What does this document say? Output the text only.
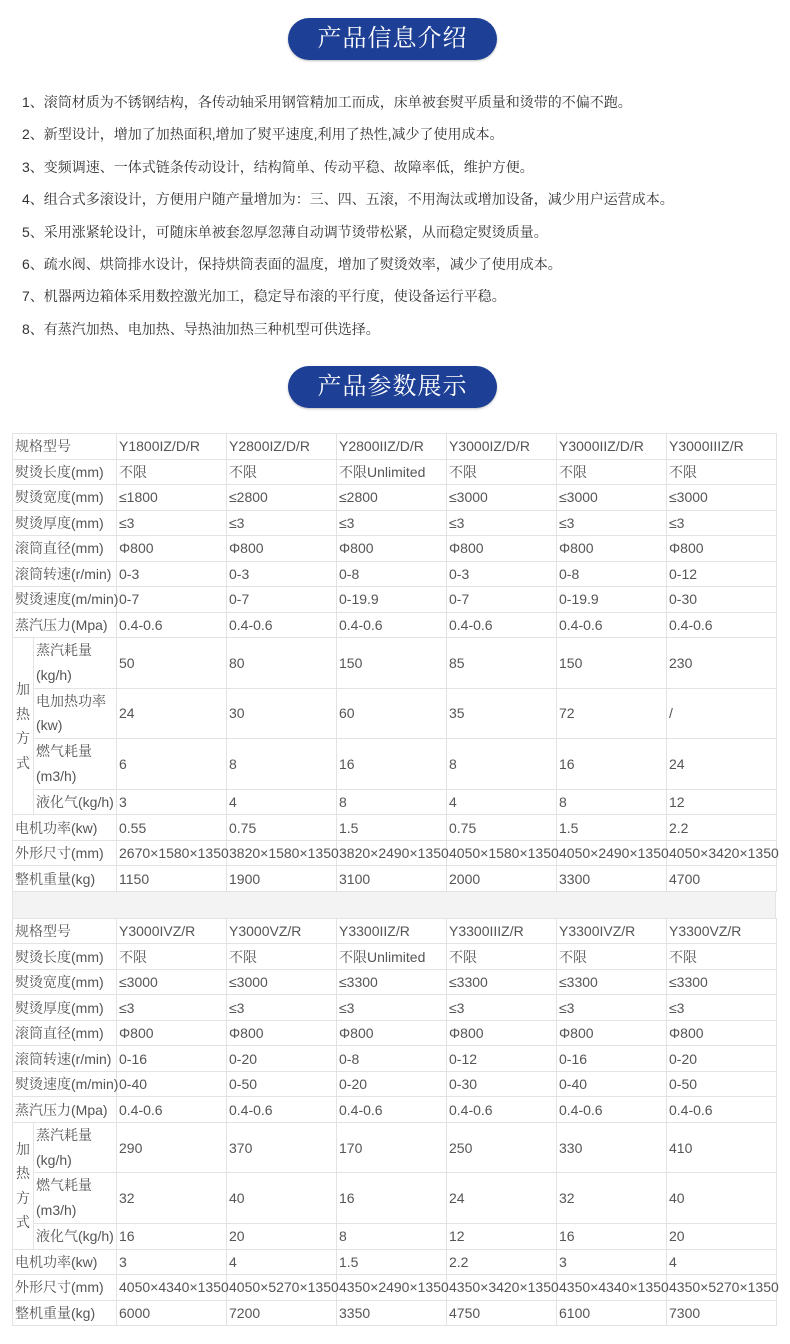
产品信息介绍
1、滚筒材质为不锈钢结构，各传动轴采用钢管精加工而成，床单被套熨平质量和烫带的不偏不跑。
2、新型设计，增加了加热面积,增加了熨平速度,利用了热性,减少了使用成本。
3、变频调速、一体式链条传动设计，结构简单、传动平稳、故障率低，维护方便。
4、组合式多滚设计，方便用户随产量增加为：三、四、五滚，不用淘汰或增加设备，减少用户运营成本。
5、采用涨紧轮设计，可随床单被套忽厚忽薄自动调节烫带松紧，从而稳定熨烫质量。
6、疏水阀、烘筒排水设计，保持烘筒表面的温度，增加了熨烫效率，减少了使用成本。
7、机器两边箱体采用数控激光加工，稳定导布滚的平行度，使设备运行平稳。
8、有蒸汽加热、电加热、导热油加热三种机型可供选择。
产品参数展示
规格型号		Y1800IZ/D/R	Y2800IZ/D/R	Y2800IIZ/D/R	Y3000IZ/D/R	Y3000IIZ/D/R	Y3000IIIZ/R
熨烫长度(mm)		不限	不限	不限Unlimited	不限	不限	不限
熨烫宽度(mm)		≤1800	≤2800	≤2800	≤3000	≤3000	≤3000
熨烫厚度(mm)		≤3	≤3	≤3	≤3	≤3	≤3
滚筒直径(mm)		Φ800	Φ800	Φ800	Φ800	Φ800	Φ800
滚筒转速(r/min)		0-3	0-3	0-8	0-3	0-8	0-12
熨烫速度(m/min)		0-7	0-7	0-19.9	0-7	0-19.9	0-30
蒸汽压力(Mpa)		0.4-0.6	0.4-0.6	0.4-0.6	0.4-0.6	0.4-0.6	0.4-0.6

加热方式	蒸汽耗量(kg/h)	50	80	150	85	150	230
	电加热功率(kw)	24	30	60	35	72	/
	燃气耗量(m3/h)	6	8	16	8	16	24
	液化气(kg/h)	3	4	8	4	8	12
电机功率(kw)		0.55	0.75	1.5	0.75	1.5	2.2
外形尺寸(mm)		2670×1580×1350	3820×1580×1350	3820×2490×1350	4050×1580×1350	4050×2490×1350	4050×3420×1350
整机重量(kg)		1150	1900	3100	2000	3300	4700
规格型号		Y3000IVZ/R	Y3000VZ/R	Y3300IIZ/R	Y3300IIIZ/R	Y3300IVZ/R	Y3300VZ/R
熨烫长度(mm)		不限	不限	不限Unlimited	不限	不限	不限
熨烫宽度(mm)		≤3000	≤3000	≤3300	≤3300	≤3300	≤3300
熨烫厚度(mm)		≤3	≤3	≤3	≤3	≤3	≤3
滚筒直径(mm)		Φ800	Φ800	Φ800	Φ800	Φ800	Φ800
滚筒转速(r/min)		0-16	0-20	0-8	0-12	0-16	0-20
熨烫速度(m/min)		0-40	0-50	0-20	0-30	0-40	0-50
蒸汽压力(Mpa)		0.4-0.6	0.4-0.6	0.4-0.6	0.4-0.6	0.4-0.6	0.4-0.6

加热方式	蒸汽耗量(kg/h)	290	370	170	250	330	410
	燃气耗量(m3/h)	32	40	16	24	32	40
	液化气(kg/h)	16	20	8	12	16	20
电机功率(kw)		3	4	1.5	2.2	3	4
外形尺寸(mm)		4050×4340×1350	4050×5270×1350	4350×2490×1350	4350×3420×1350	4350×4340×1350	4350×5270×1350
整机重量(kg)		6000	7200	3350	4750	6100	7300
